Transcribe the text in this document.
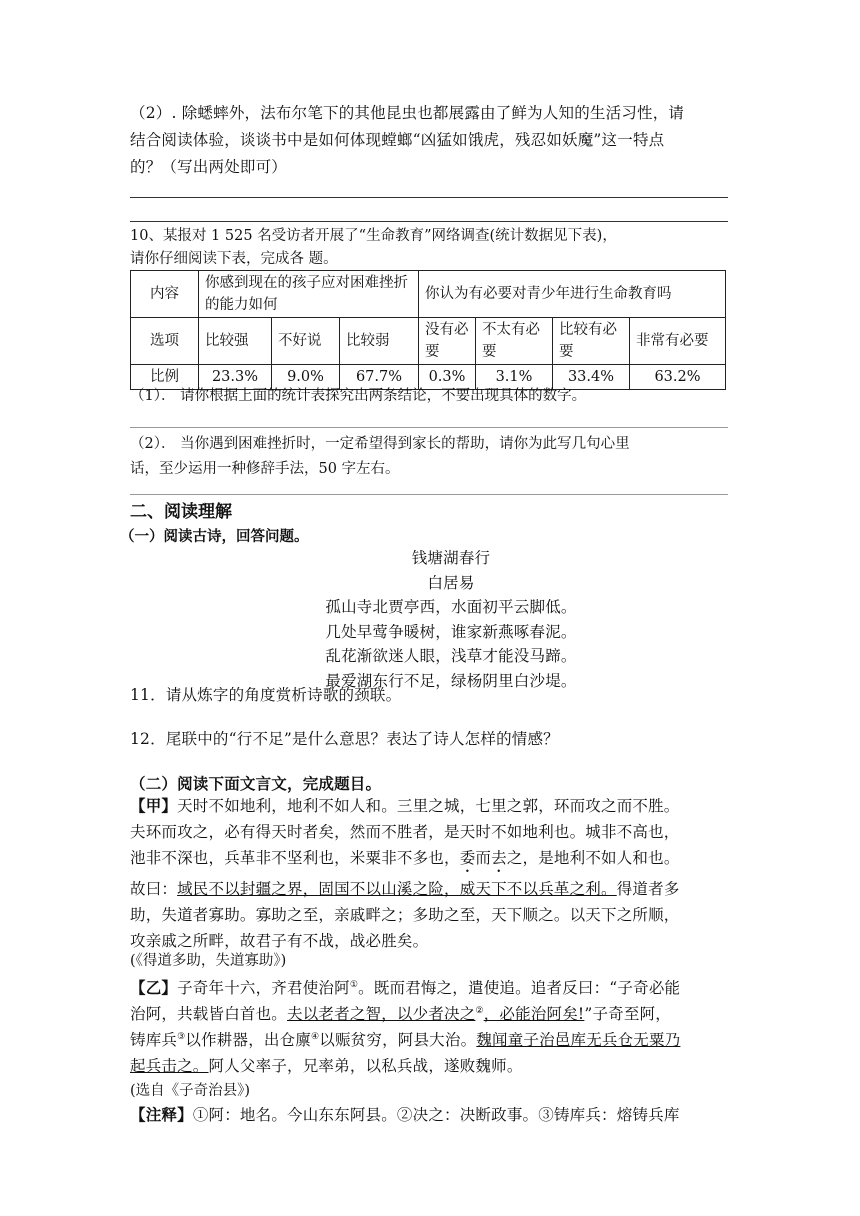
（2）. 除蟋蟀外，法布尔笔下的其他昆虫也都展露由了鲜为人知的生活习性，请
结合阅读体验，谈谈书中是如何体现螳螂“凶猛如饿虎，残忍如妖魔”这一特点
的？（写出两处即可）
10、某报对 1 525 名受访者开展了“生命教育”网络调查(统计数据见下表)，
请你仔细阅读下表，完成各 题。
内容	你感到现在的孩子应对困难挫折的能力如何			你认为有必要对青少年进行生命教育吗			
选项	比较强	不好说	比较弱	没有必要	不太有必要	比较有必要	非常有必要
比例	23.3%	9.0%	67.7%	0.3%	3.1%	33.4%	63.2%
（1）． 请你根据上面的统计表探究出两条结论，不要出现具体的数字。
（2）． 当你遇到困难挫折时，一定希望得到家长的帮助，请你为此写几句心里
话，至少运用一种修辞手法，50 字左右。
二、阅读理解
（一）阅读古诗，回答问题。
钱塘湖春行
白居易
孤山寺北贾亭西，水面初平云脚低。
几处早莺争暖树，谁家新燕啄春泥。
乱花渐欲迷人眼，浅草才能没马蹄。
最爱湖东行不足，绿杨阴里白沙堤。
11．请从炼字的角度赏析诗歌的颈联。
12．尾联中的“行不足”是什么意思？表达了诗人怎样的情感？
（二）阅读下面文言文，完成题目。
【甲】天时不如地利，地利不如人和。三里之城，七里之郭，环而攻之而不胜。
夫环而攻之，必有得天时者矣，然而不胜者，是天时不如地利也。城非不高也，
池非不深也，兵革非不坚利也，米粟非不多也，委而去之，是地利不如人和也。
故曰：域民不以封疆之界，固国不以山溪之险，威天下不以兵革之利。得道者多
助，失道者寡助。寡助之至，亲戚畔之；多助之至，天下顺之。以天下之所顺，
攻亲戚之所畔，故君子有不战，战必胜矣。
(《得道多助，失道寡助》)
【乙】子奇年十六，齐君使治阿①。既而君悔之，遣使追。追者反曰：“子奇必能
治阿，共载皆白首也。夫以老者之智，以少者决之②，必能治阿矣!”子奇至阿，
铸库兵③以作耕器，出仓廪④以赈贫穷，阿县大治。魏闻童子治邑库无兵仓无粟乃
起兵击之。阿人父率子，兄率弟，以私兵战，遂败魏师。
(选自《子奇治县》)
【注释】①阿：地名。今山东东阿县。②决之：决断政事。③铸库兵：熔铸兵库
